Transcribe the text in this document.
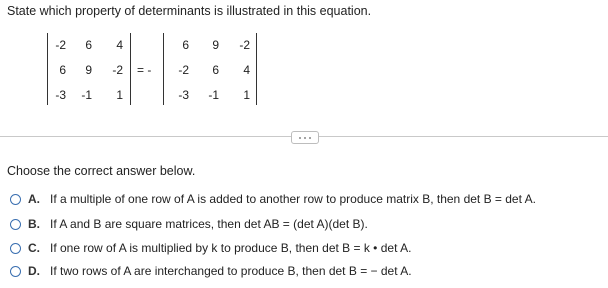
State which property of determinants is illustrated in this equation.
-2	6	4
6	9	-2
-3	-1	1
= -
6	9	-2
-2	6	4
-3	-1	1
Choose the correct answer below.
A. If a multiple of one row of A is added to another row to produce matrix B, then det B = det A.
B. If A and B are square matrices, then det AB = (det A)(det B).
C. If one row of A is multiplied by k to produce B, then det B = k • det A.
D. If two rows of A are interchanged to produce B, then det B = − det A.
